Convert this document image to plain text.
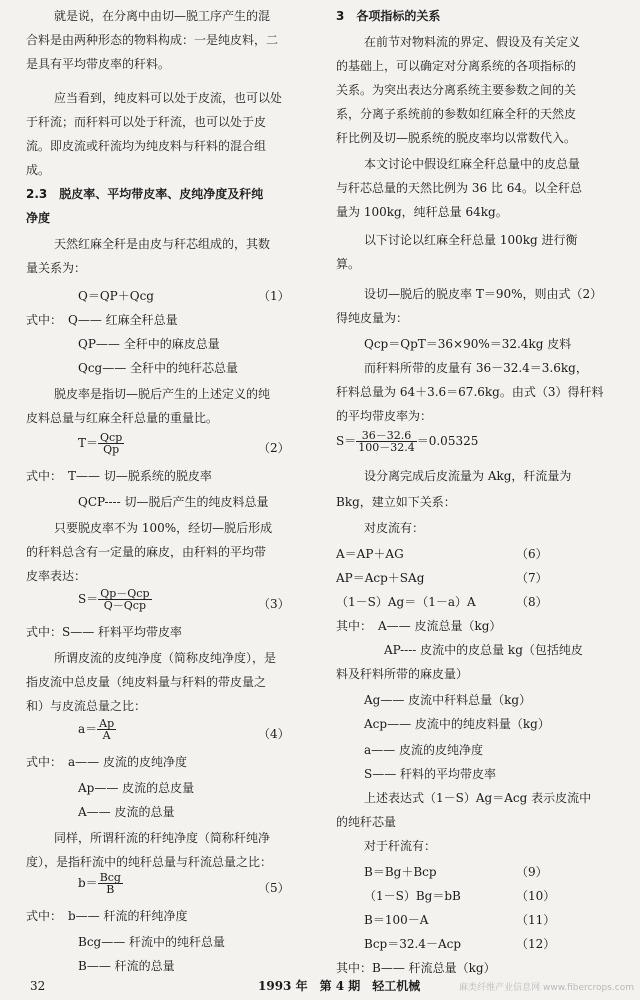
就是说，在分离中由切—脱工序产生的混
合料是由两种形态的物料构成：一是纯皮料，二
是具有平均带皮率的秆料。
应当看到，纯皮料可以处于皮流，也可以处
于秆流；而秆料可以处于秆流，也可以处于皮
流。即皮流或秆流均为纯皮料与秆料的混合组
成。
2.3　脱皮率、平均带皮率、皮纯净度及秆纯
净度
天然红麻全秆是由皮与秆芯组成的，其数
量关系为：
Q＝QP＋Qcg	（1）
式中：　Q—— 红麻全秆总量
QP—— 全秆中的麻皮总量
Qcg—— 全秆中的纯秆芯总量
脱皮率是指切—脱后产生的上述定义的纯
皮料总量与红麻全秆总量的重量比。
$T= \frac{\text{Qcp}}{Qp}$	（2）
式中：　T—— 切—脱系统的脱皮率
QCP---- 切—脱后产生的纯皮料总量
只要脱皮率不为 100%，经切—脱后形成
的秆料总含有一定量的麻皮，由秆料的平均带
皮率表达：
$S= \frac{\text{Qp－Qcp}}{\text{Q－Qcp}}$	（3）
式中：S—— 秆料平均带皮率
所谓皮流的皮纯净度（简称皮纯净度），是
指皮流中总皮量（纯皮料量与秆料的带皮量之
和）与皮流总量之比：
$a= \frac{Ap}{A}$	（4）
式中：　a—— 皮流的皮纯净度
Ap—— 皮流的总皮量
A—— 皮流的总量
同样，所谓秆流的秆纯净度（简称秆纯净
度），是指秆流中的纯秆总量与秆流总量之比：
$b= \frac{\text{Bcg}}{B}$	（5）
式中：　b—— 秆流的秆纯净度
Bcg—— 秆流中的纯秆总量
B—— 秆流的总量
3　各项指标的关系
在前节对物料流的界定、假设及有关定义
的基础上，可以确定对分离系统的各项指标的
关系。为突出表达分离系统主要参数之间的关
系，分离子系统前的参数如红麻全秆的天然皮
秆比例及切—脱系统的脱皮率均以常数代入。
本文讨论中假设红麻全秆总量中的皮总量
与秆芯总量的天然比例为 36 比 64。以全秆总
量为 100kg，纯秆总量 64kg。
以下讨论以红麻全秆总量 100kg 进行衡
算。
设切—脱后的脱皮率 T＝90%，则由式（2）
得纯皮量为：
Qcp＝QpT＝36×90%＝32.4kg 皮料
而秆料所带的皮量有 36－32.4＝3.6kg，
秆料总量为 64＋3.6＝67.6kg。由式（3）得秆料
的平均带皮率为：
$S= \frac{36-32.6}{100-32.4} =0.05325$
设分离完成后皮流量为 Akg，秆流量为
Bkg，建立如下关系：
对皮流有：
A＝AP＋AG	（6）
AP＝Acp＋SAg	（7）
（1－S）Ag＝（1－a）A	（8）
其中：　A—— 皮流总量（kg）
AP---- 皮流中的皮总量 kg（包括纯皮
料及秆料所带的麻皮量）
Ag—— 皮流中秆料总量（kg）
Acp—— 皮流中的纯皮料量（kg）
a—— 皮流的皮纯净度
S—— 秆料的平均带皮率
上述表达式（1－S）Ag＝Acg 表示皮流中
的纯秆芯量
对于秆流有：
B＝Bg＋Bcp	（9）
（1－S）Bg＝bB	（10）
B＝100－A	（11）
Bcp＝32.4－Acp	（12）
其中：B—— 秆流总量（kg）
32	1993 年　第 4 期　轻工机械	麻类纤维产业信息网 www.fibercrops.com
